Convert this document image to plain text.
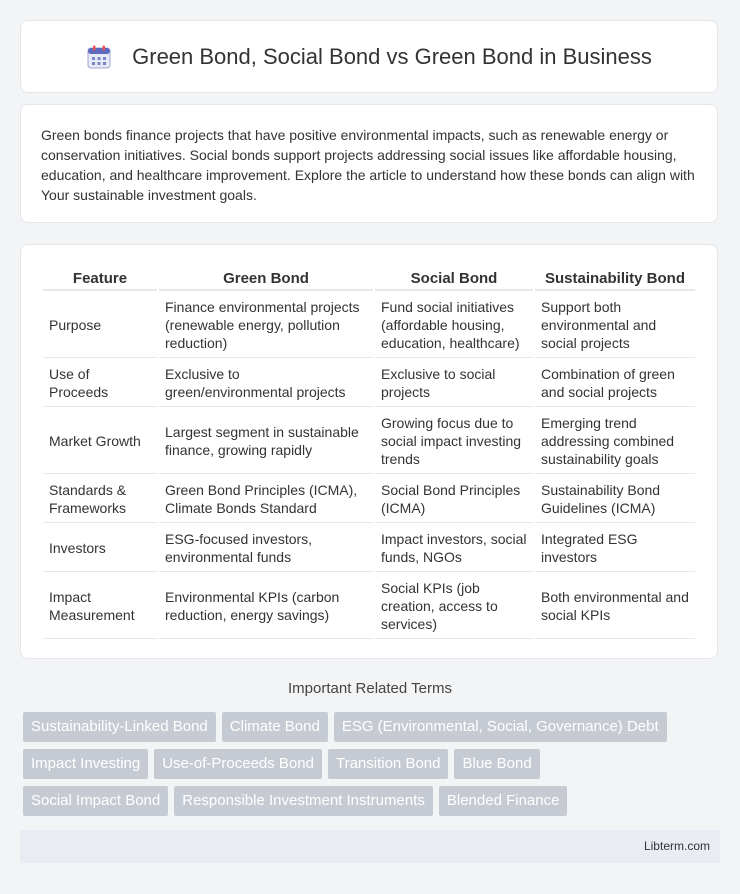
Green Bond, Social Bond vs Green Bond in Business

Green bonds finance projects that have positive environmental impacts, such as renewable energy or conservation initiatives. Social bonds support projects addressing social issues like affordable housing, education, and healthcare improvement. Explore the article to understand how these bonds can align with Your sustainable investment goals.

Feature	Green Bond	Social Bond	Sustainability Bond
Purpose	Finance environmental projects (renewable energy, pollution reduction)	Fund social initiatives (affordable housing, education, healthcare)	Support both environmental and social projects
Use of Proceeds	Exclusive to green/environmental projects	Exclusive to social projects	Combination of green and social projects
Market Growth	Largest segment in sustainable finance, growing rapidly	Growing focus due to social impact investing trends	Emerging trend addressing combined sustainability goals
Standards & Frameworks	Green Bond Principles (ICMA), Climate Bonds Standard	Social Bond Principles (ICMA)	Sustainability Bond Guidelines (ICMA)
Investors	ESG-focused investors, environmental funds	Impact investors, social funds, NGOs	Integrated ESG investors
Impact Measurement	Environmental KPIs (carbon reduction, energy savings)	Social KPIs (job creation, access to services)	Both environmental and social KPIs
Important Related Terms
Sustainability-Linked Bond	Climate Bond	ESG (Environmental, Social, Governance) Debt
Impact Investing	Use-of-Proceeds Bond	Transition Bond	Blue Bond
Social Impact Bond	Responsible Investment Instruments	Blended Finance
Libterm.com
